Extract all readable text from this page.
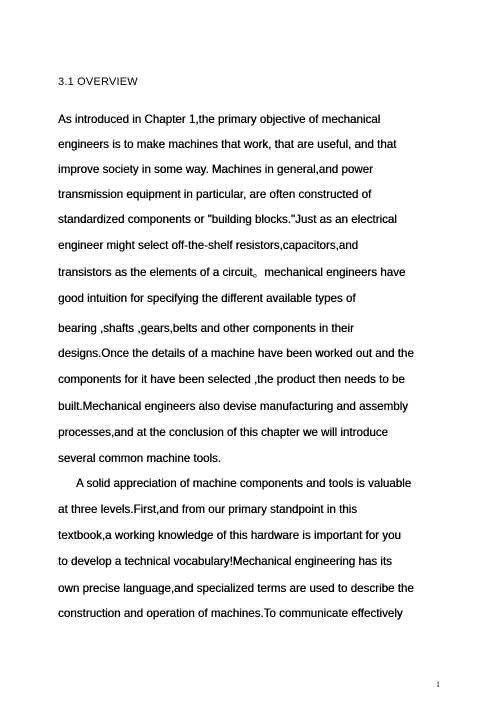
3.1 OVERVIEW
As introduced in Chapter 1,the primary objective of mechanical
engineers is to make machines that work, that are useful, and that
improve society in some way. Machines in general,and power
transmission equipment in particular, are often constructed of
standardized components or "building blocks."Just as an electrical
engineer might select off-the-shelf resistors,capacitors,and
transistors as the elements of a circuit。mechanical engineers have
good intuition for specifying the different available types of
bearing ,shafts ,gears,belts and other components in their
designs.Once the details of a machine have been worked out and the
components for it have been selected ,the product then needs to be
built.Mechanical engineers also devise manufacturing and assembly
processes,and at the conclusion of this chapter we will introduce
several common machine tools.
A solid appreciation of machine components and tools is valuable
at three levels.First,and from our primary standpoint in this
textbook,a working knowledge of this hardware is important for you
to develop a technical vocabulary!Mechanical engineering has its
own precise language,and specialized terms are used to describe the
construction and operation of machines.To communicate effectively
1
